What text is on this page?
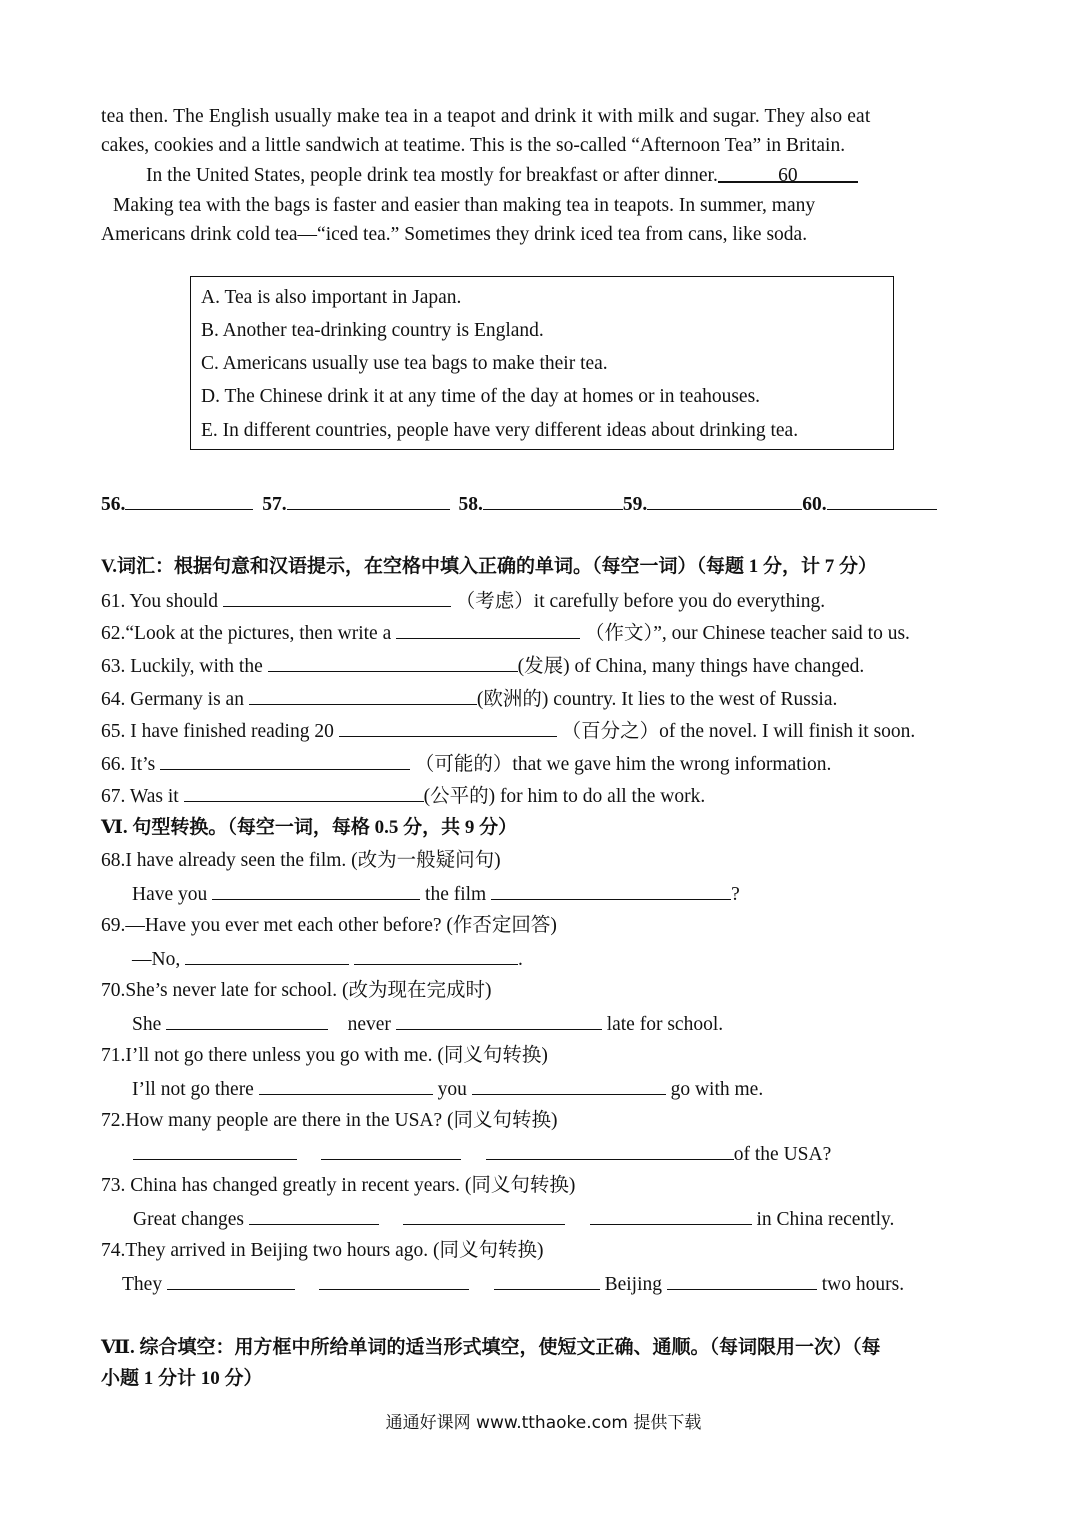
tea then. The English usually make tea in a teapot and drink it with milk and sugar. They also eat
cakes, cookies and a little sandwich at teatime. This is the so-called “Afternoon Tea” in Britain.
In the United States, people drink tea mostly for breakfast or after dinner.	60
Making tea with the bags is faster and easier than making tea in teapots. In summer, many
Americans drink cold tea—“iced tea.” Sometimes they drink iced tea from cans, like soda.
A. Tea is also important in Japan.
B. Another tea-drinking country is England.
C. Americans usually use tea bags to make their tea.
D. The Chinese drink it at any time of the day at homes or in teahouses.
E. In different countries, people have very different ideas about drinking tea.
56.	57.	58.	59.	60.
V.词汇：根据句意和汉语提示，在空格中填入正确的单词。（每空一词）（每题 1 分，计 7 分）
61. You should	（考虑）it carefully before you do everything.
62.“Look at the pictures, then write a	（作文）”, our Chinese teacher said to us.
63. Luckily, with the	(发展) of China, many things have changed.
64. Germany is an	(欧洲的) country. It lies to the west of Russia.
65. I have finished reading 20	（百分之）of the novel. I will finish it soon.
66. It’s	（可能的）that we gave him the wrong information.
67. Was it	(公平的) for him to do all the work.
Ⅵ. 句型转换。（每空一词，每格 0.5 分，共 9 分）
68.I have already seen the film. (改为一般疑问句)
Have you	the film	?
69.—Have you ever met each other before? (作否定回答)
—No,	.
70.She’s never late for school. (改为现在完成时)
She	never	late for school.
71.I’ll not go there unless you go with me. (同义句转换)
I’ll not go there	you	go with me.
72.How many people are there in the USA? (同义句转换)
of the USA?
73. China has changed greatly in recent years. (同义句转换)
Great changes	in China recently.
74.They arrived in Beijing two hours ago. (同义句转换)
They	Beijing	two hours.
Ⅶ. 综合填空：用方框中所给单词的适当形式填空，使短文正确、通顺。（每词限用一次）（每
小题 1 分计 10 分）
通通好课网 www.tthaoke.com 提供下载
